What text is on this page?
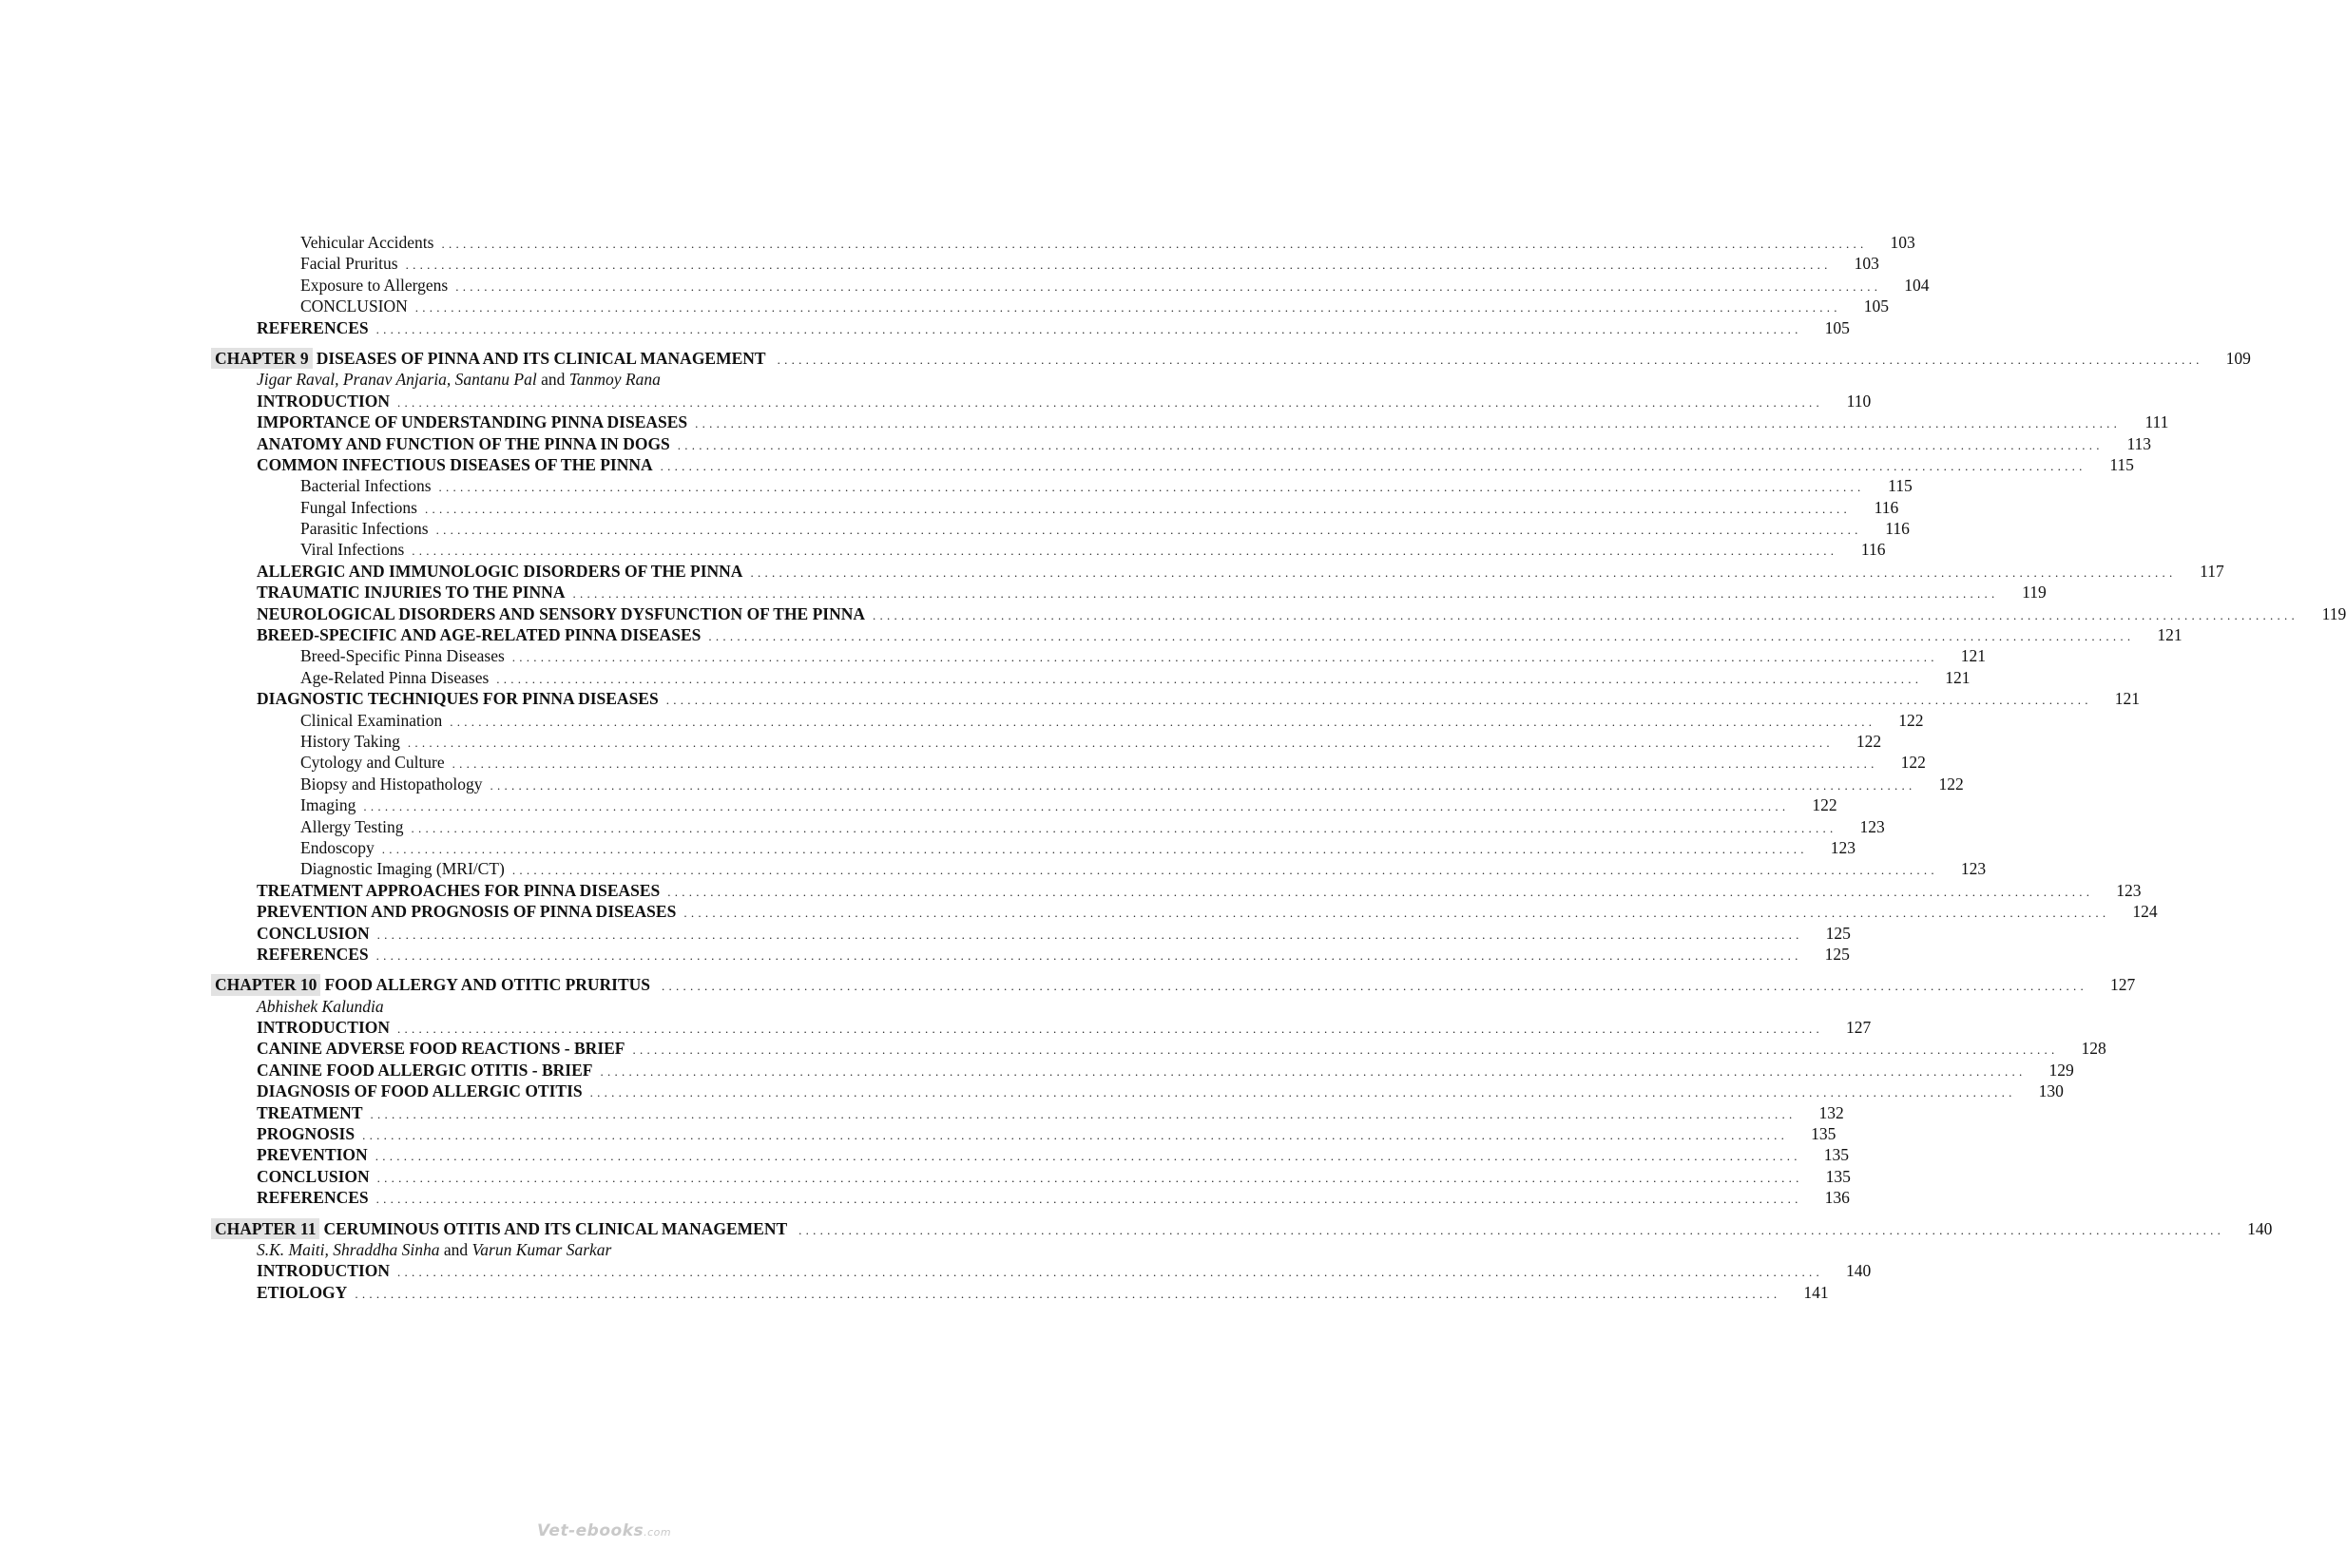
Vehicular Accidents . . . . . . . . . . . . . . . . . . . . . . . . . . . . . . . . . . . . . . . . . . . . . . . . . . . . . . . . . . . . . . . . . . . . . . . . . . . . . . . . . . . . . . . . . . . . . . . . . . . . . . . . . . . . . . . . . . . . . . . . . . . . . . . . . . . . . . . . . . . . . . . . . . . . . . . . . . . . . . . . . . . . . . . . . . . . . . . . . . . . . . . . . . . . . . . . . . . . . . . .	103
Facial Pruritus . . . . . . . . . . . . . . . . . . . . . . . . . . . . . . . . . . . . . . . . . . . . . . . . . . . . . . . . . . . . . . . . . . . . . . . . . . . . . . . . . . . . . . . . . . . . . . . . . . . . . . . . . . . . . . . . . . . . . . . . . . . . . . . . . . . . . . . . . . . . . . . . . . . . . . . . . . . . . . . . . . . . . . . . . . . . . . . . . . . . . . . . . . . . . . . . . . . . . . . .	103
Exposure to Allergens . . . . . . . . . . . . . . . . . . . . . . . . . . . . . . . . . . . . . . . . . . . . . . . . . . . . . . . . . . . . . . . . . . . . . . . . . . . . . . . . . . . . . . . . . . . . . . . . . . . . . . . . . . . . . . . . . . . . . . . . . . . . . . . . . . . . . . . . . . . . . . . . . . . . . . . . . . . . . . . . . . . . . . . . . . . . . . . . . . . . . . . . . . . . . . . . . . . . . . . .	104
CONCLUSION . . . . . . . . . . . . . . . . . . . . . . . . . . . . . . . . . . . . . . . . . . . . . . . . . . . . . . . . . . . . . . . . . . . . . . . . . . . . . . . . . . . . . . . . . . . . . . . . . . . . . . . . . . . . . . . . . . . . . . . . . . . . . . . . . . . . . . . . . . . . . . . . . . . . . . . . . . . . . . . . . . . . . . . . . . . . . . . . . . . . . . . . . . . . . . . . . . . . . . . .	105
REFERENCES . . . . . . . . . . . . . . . . . . . . . . . . . . . . . . . . . . . . . . . . . . . . . . . . . . . . . . . . . . . . . . . . . . . . . . . . . . . . . . . . . . . . . . . . . . . . . . . . . . . . . . . . . . . . . . . . . . . . . . . . . . . . . . . . . . . . . . . . . . . . . . . . . . . . . . . . . . . . . . . . . . . . . . . . . . . . . . . . . . . . . . . . . . . . . . . . . . . . . . . .	105
CHAPTER 9 DISEASES OF PINNA AND ITS CLINICAL MANAGEMENT . . . . . . . . . . . . . . . . . . . . . . . . . . . . . . . . . . . . . . . . . . . . . . . . . . . . . . . . . . . . . . . . . . . . . . . . . . . . . . . . . . . . . . . . . . . . . . . . . . . . . . . . . . . . . . . . . . . . . . . . . . . . . . . . . . . . . . . . . . . . . . . . . . . . . . . . . . . . . . . . . . . . . . . . . . . . . . . . . . . . . . . . . . . . . . . . . . . . . . . .	109
Jigar Raval, Pranav Anjaria, Santanu Pal and Tanmoy Rana
INTRODUCTION . . . . . . . . . . . . . . . . . . . . . . . . . . . . . . . . . . . . . . . . . . . . . . . . . . . . . . . . . . . . . . . . . . . . . . . . . . . . . . . . . . . . . . . . . . . . . . . . . . . . . . . . . . . . . . . . . . . . . . . . . . . . . . . . . . . . . . . . . . . . . . . . . . . . . . . . . . . . . . . . . . . . . . . . . . . . . . . . . . . . . . . . . . . . . . . . . . . . . . . .	110
IMPORTANCE OF UNDERSTANDING PINNA DISEASES . . . . . . . . . . . . . . . . . . . . . . . . . . . . . . . . . . . . . . . . . . . . . . . . . . . . . . . . . . . . . . . . . . . . . . . . . . . . . . . . . . . . . . . . . . . . . . . . . . . . . . . . . . . . . . . . . . . . . . . . . . . . . . . . . . . . . . . . . . . . . . . . . . . . . . . . . . . . . . . . . . . . . . . . . . . . . . . . . . . . . . . . . . . . . . . . . . . . . . . .	111
ANATOMY AND FUNCTION OF THE PINNA IN DOGS . . . . . . . . . . . . . . . . . . . . . . . . . . . . . . . . . . . . . . . . . . . . . . . . . . . . . . . . . . . . . . . . . . . . . . . . . . . . . . . . . . . . . . . . . . . . . . . . . . . . . . . . . . . . . . . . . . . . . . . . . . . . . . . . . . . . . . . . . . . . . . . . . . . . . . . . . . . . . . . . . . . . . . . . . . . . . . . . . . . . . . . . . . . . . . . . . . . . . . . .	113
COMMON INFECTIOUS DISEASES OF THE PINNA . . . . . . . . . . . . . . . . . . . . . . . . . . . . . . . . . . . . . . . . . . . . . . . . . . . . . . . . . . . . . . . . . . . . . . . . . . . . . . . . . . . . . . . . . . . . . . . . . . . . . . . . . . . . . . . . . . . . . . . . . . . . . . . . . . . . . . . . . . . . . . . . . . . . . . . . . . . . . . . . . . . . . . . . . . . . . . . . . . . . . . . . . . . . . . . . . . . . . . . .	115
Bacterial Infections . . . . . . . . . . . . . . . . . . . . . . . . . . . . . . . . . . . . . . . . . . . . . . . . . . . . . . . . . . . . . . . . . . . . . . . . . . . . . . . . . . . . . . . . . . . . . . . . . . . . . . . . . . . . . . . . . . . . . . . . . . . . . . . . . . . . . . . . . . . . . . . . . . . . . . . . . . . . . . . . . . . . . . . . . . . . . . . . . . . . . . . . . . . . . . . . . . . . . . . .	115
Fungal Infections . . . . . . . . . . . . . . . . . . . . . . . . . . . . . . . . . . . . . . . . . . . . . . . . . . . . . . . . . . . . . . . . . . . . . . . . . . . . . . . . . . . . . . . . . . . . . . . . . . . . . . . . . . . . . . . . . . . . . . . . . . . . . . . . . . . . . . . . . . . . . . . . . . . . . . . . . . . . . . . . . . . . . . . . . . . . . . . . . . . . . . . . . . . . . . . . . . . . . . . .	116
Parasitic Infections . . . . . . . . . . . . . . . . . . . . . . . . . . . . . . . . . . . . . . . . . . . . . . . . . . . . . . . . . . . . . . . . . . . . . . . . . . . . . . . . . . . . . . . . . . . . . . . . . . . . . . . . . . . . . . . . . . . . . . . . . . . . . . . . . . . . . . . . . . . . . . . . . . . . . . . . . . . . . . . . . . . . . . . . . . . . . . . . . . . . . . . . . . . . . . . . . . . . . . . .	116
Viral Infections . . . . . . . . . . . . . . . . . . . . . . . . . . . . . . . . . . . . . . . . . . . . . . . . . . . . . . . . . . . . . . . . . . . . . . . . . . . . . . . . . . . . . . . . . . . . . . . . . . . . . . . . . . . . . . . . . . . . . . . . . . . . . . . . . . . . . . . . . . . . . . . . . . . . . . . . . . . . . . . . . . . . . . . . . . . . . . . . . . . . . . . . . . . . . . . . . . . . . . . .	116
ALLERGIC AND IMMUNOLOGIC DISORDERS OF THE PINNA . . . . . . . . . . . . . . . . . . . . . . . . . . . . . . . . . . . . . . . . . . . . . . . . . . . . . . . . . . . . . . . . . . . . . . . . . . . . . . . . . . . . . . . . . . . . . . . . . . . . . . . . . . . . . . . . . . . . . . . . . . . . . . . . . . . . . . . . . . . . . . . . . . . . . . . . . . . . . . . . . . . . . . . . . . . . . . . . . . . . . . . . . . . . . . . . . . . . . . . .	117
TRAUMATIC INJURIES TO THE PINNA . . . . . . . . . . . . . . . . . . . . . . . . . . . . . . . . . . . . . . . . . . . . . . . . . . . . . . . . . . . . . . . . . . . . . . . . . . . . . . . . . . . . . . . . . . . . . . . . . . . . . . . . . . . . . . . . . . . . . . . . . . . . . . . . . . . . . . . . . . . . . . . . . . . . . . . . . . . . . . . . . . . . . . . . . . . . . . . . . . . . . . . . . . . . . . . . . . . . . . . .	119
NEUROLOGICAL DISORDERS AND SENSORY DYSFUNCTION OF THE PINNA . . . . . . . . . . . . . . . . . . . . . . . . . . . . . . . . . . . . . . . . . . . . . . . . . . . . . . . . . . . . . . . . . . . . . . . . . . . . . . . . . . . . . . . . . . . . . . . . . . . . . . . . . . . . . . . . . . . . . . . . . . . . . . . . . . . . . . . . . . . . . . . . . . . . . . . . . . . . . . . . . . . . . . . . . . . . . . . . . . . . . . . . . . . . . . . . . . . . . . . .	119
BREED-SPECIFIC AND AGE-RELATED PINNA DISEASES . . . . . . . . . . . . . . . . . . . . . . . . . . . . . . . . . . . . . . . . . . . . . . . . . . . . . . . . . . . . . . . . . . . . . . . . . . . . . . . . . . . . . . . . . . . . . . . . . . . . . . . . . . . . . . . . . . . . . . . . . . . . . . . . . . . . . . . . . . . . . . . . . . . . . . . . . . . . . . . . . . . . . . . . . . . . . . . . . . . . . . . . . . . . . . . . . . . . . . . .	121
Breed-Specific Pinna Diseases . . . . . . . . . . . . . . . . . . . . . . . . . . . . . . . . . . . . . . . . . . . . . . . . . . . . . . . . . . . . . . . . . . . . . . . . . . . . . . . . . . . . . . . . . . . . . . . . . . . . . . . . . . . . . . . . . . . . . . . . . . . . . . . . . . . . . . . . . . . . . . . . . . . . . . . . . . . . . . . . . . . . . . . . . . . . . . . . . . . . . . . . . . . . . . . . . . . . . . . .	121
Age-Related Pinna Diseases . . . . . . . . . . . . . . . . . . . . . . . . . . . . . . . . . . . . . . . . . . . . . . . . . . . . . . . . . . . . . . . . . . . . . . . . . . . . . . . . . . . . . . . . . . . . . . . . . . . . . . . . . . . . . . . . . . . . . . . . . . . . . . . . . . . . . . . . . . . . . . . . . . . . . . . . . . . . . . . . . . . . . . . . . . . . . . . . . . . . . . . . . . . . . . . . . . . . . . . .	121
DIAGNOSTIC TECHNIQUES FOR PINNA DISEASES . . . . . . . . . . . . . . . . . . . . . . . . . . . . . . . . . . . . . . . . . . . . . . . . . . . . . . . . . . . . . . . . . . . . . . . . . . . . . . . . . . . . . . . . . . . . . . . . . . . . . . . . . . . . . . . . . . . . . . . . . . . . . . . . . . . . . . . . . . . . . . . . . . . . . . . . . . . . . . . . . . . . . . . . . . . . . . . . . . . . . . . . . . . . . . . . . . . . . . . .	121
Clinical Examination . . . . . . . . . . . . . . . . . . . . . . . . . . . . . . . . . . . . . . . . . . . . . . . . . . . . . . . . . . . . . . . . . . . . . . . . . . . . . . . . . . . . . . . . . . . . . . . . . . . . . . . . . . . . . . . . . . . . . . . . . . . . . . . . . . . . . . . . . . . . . . . . . . . . . . . . . . . . . . . . . . . . . . . . . . . . . . . . . . . . . . . . . . . . . . . . . . . . . . . .	122
History Taking . . . . . . . . . . . . . . . . . . . . . . . . . . . . . . . . . . . . . . . . . . . . . . . . . . . . . . . . . . . . . . . . . . . . . . . . . . . . . . . . . . . . . . . . . . . . . . . . . . . . . . . . . . . . . . . . . . . . . . . . . . . . . . . . . . . . . . . . . . . . . . . . . . . . . . . . . . . . . . . . . . . . . . . . . . . . . . . . . . . . . . . . . . . . . . . . . . . . . . . .	122
Cytology and Culture . . . . . . . . . . . . . . . . . . . . . . . . . . . . . . . . . . . . . . . . . . . . . . . . . . . . . . . . . . . . . . . . . . . . . . . . . . . . . . . . . . . . . . . . . . . . . . . . . . . . . . . . . . . . . . . . . . . . . . . . . . . . . . . . . . . . . . . . . . . . . . . . . . . . . . . . . . . . . . . . . . . . . . . . . . . . . . . . . . . . . . . . . . . . . . . . . . . . . . . .	122
Biopsy and Histopathology . . . . . . . . . . . . . . . . . . . . . . . . . . . . . . . . . . . . . . . . . . . . . . . . . . . . . . . . . . . . . . . . . . . . . . . . . . . . . . . . . . . . . . . . . . . . . . . . . . . . . . . . . . . . . . . . . . . . . . . . . . . . . . . . . . . . . . . . . . . . . . . . . . . . . . . . . . . . . . . . . . . . . . . . . . . . . . . . . . . . . . . . . . . . . . . . . . . . . . . .	122
Imaging . . . . . . . . . . . . . . . . . . . . . . . . . . . . . . . . . . . . . . . . . . . . . . . . . . . . . . . . . . . . . . . . . . . . . . . . . . . . . . . . . . . . . . . . . . . . . . . . . . . . . . . . . . . . . . . . . . . . . . . . . . . . . . . . . . . . . . . . . . . . . . . . . . . . . . . . . . . . . . . . . . . . . . . . . . . . . . . . . . . . . . . . . . . . . . . . . . . . . . . .	122
Allergy Testing . . . . . . . . . . . . . . . . . . . . . . . . . . . . . . . . . . . . . . . . . . . . . . . . . . . . . . . . . . . . . . . . . . . . . . . . . . . . . . . . . . . . . . . . . . . . . . . . . . . . . . . . . . . . . . . . . . . . . . . . . . . . . . . . . . . . . . . . . . . . . . . . . . . . . . . . . . . . . . . . . . . . . . . . . . . . . . . . . . . . . . . . . . . . . . . . . . . . . . . .	123
Endoscopy . . . . . . . . . . . . . . . . . . . . . . . . . . . . . . . . . . . . . . . . . . . . . . . . . . . . . . . . . . . . . . . . . . . . . . . . . . . . . . . . . . . . . . . . . . . . . . . . . . . . . . . . . . . . . . . . . . . . . . . . . . . . . . . . . . . . . . . . . . . . . . . . . . . . . . . . . . . . . . . . . . . . . . . . . . . . . . . . . . . . . . . . . . . . . . . . . . . . . . . .	123
Diagnostic Imaging (MRI/CT) . . . . . . . . . . . . . . . . . . . . . . . . . . . . . . . . . . . . . . . . . . . . . . . . . . . . . . . . . . . . . . . . . . . . . . . . . . . . . . . . . . . . . . . . . . . . . . . . . . . . . . . . . . . . . . . . . . . . . . . . . . . . . . . . . . . . . . . . . . . . . . . . . . . . . . . . . . . . . . . . . . . . . . . . . . . . . . . . . . . . . . . . . . . . . . . . . . . . . . . .	123
TREATMENT APPROACHES FOR PINNA DISEASES . . . . . . . . . . . . . . . . . . . . . . . . . . . . . . . . . . . . . . . . . . . . . . . . . . . . . . . . . . . . . . . . . . . . . . . . . . . . . . . . . . . . . . . . . . . . . . . . . . . . . . . . . . . . . . . . . . . . . . . . . . . . . . . . . . . . . . . . . . . . . . . . . . . . . . . . . . . . . . . . . . . . . . . . . . . . . . . . . . . . . . . . . . . . . . . . . . . . . . . .	123
PREVENTION AND PROGNOSIS OF PINNA DISEASES . . . . . . . . . . . . . . . . . . . . . . . . . . . . . . . . . . . . . . . . . . . . . . . . . . . . . . . . . . . . . . . . . . . . . . . . . . . . . . . . . . . . . . . . . . . . . . . . . . . . . . . . . . . . . . . . . . . . . . . . . . . . . . . . . . . . . . . . . . . . . . . . . . . . . . . . . . . . . . . . . . . . . . . . . . . . . . . . . . . . . . . . . . . . . . . . . . . . . . . .	124
CONCLUSION . . . . . . . . . . . . . . . . . . . . . . . . . . . . . . . . . . . . . . . . . . . . . . . . . . . . . . . . . . . . . . . . . . . . . . . . . . . . . . . . . . . . . . . . . . . . . . . . . . . . . . . . . . . . . . . . . . . . . . . . . . . . . . . . . . . . . . . . . . . . . . . . . . . . . . . . . . . . . . . . . . . . . . . . . . . . . . . . . . . . . . . . . . . . . . . . . . . . . . . .	125
REFERENCES . . . . . . . . . . . . . . . . . . . . . . . . . . . . . . . . . . . . . . . . . . . . . . . . . . . . . . . . . . . . . . . . . . . . . . . . . . . . . . . . . . . . . . . . . . . . . . . . . . . . . . . . . . . . . . . . . . . . . . . . . . . . . . . . . . . . . . . . . . . . . . . . . . . . . . . . . . . . . . . . . . . . . . . . . . . . . . . . . . . . . . . . . . . . . . . . . . . . . . . .	125
CHAPTER 10 FOOD ALLERGY AND OTITIC PRURITUS . . . . . . . . . . . . . . . . . . . . . . . . . . . . . . . . . . . . . . . . . . . . . . . . . . . . . . . . . . . . . . . . . . . . . . . . . . . . . . . . . . . . . . . . . . . . . . . . . . . . . . . . . . . . . . . . . . . . . . . . . . . . . . . . . . . . . . . . . . . . . . . . . . . . . . . . . . . . . . . . . . . . . . . . . . . . . . . . . . . . . . . . . . . . . . . . . . . . . . . .	127
Abhishek Kalundia
INTRODUCTION . . . . . . . . . . . . . . . . . . . . . . . . . . . . . . . . . . . . . . . . . . . . . . . . . . . . . . . . . . . . . . . . . . . . . . . . . . . . . . . . . . . . . . . . . . . . . . . . . . . . . . . . . . . . . . . . . . . . . . . . . . . . . . . . . . . . . . . . . . . . . . . . . . . . . . . . . . . . . . . . . . . . . . . . . . . . . . . . . . . . . . . . . . . . . . . . . . . . . . . .	127
CANINE ADVERSE FOOD REACTIONS - BRIEF . . . . . . . . . . . . . . . . . . . . . . . . . . . . . . . . . . . . . . . . . . . . . . . . . . . . . . . . . . . . . . . . . . . . . . . . . . . . . . . . . . . . . . . . . . . . . . . . . . . . . . . . . . . . . . . . . . . . . . . . . . . . . . . . . . . . . . . . . . . . . . . . . . . . . . . . . . . . . . . . . . . . . . . . . . . . . . . . . . . . . . . . . . . . . . . . . . . . . . . .	128
CANINE FOOD ALLERGIC OTITIS - BRIEF . . . . . . . . . . . . . . . . . . . . . . . . . . . . . . . . . . . . . . . . . . . . . . . . . . . . . . . . . . . . . . . . . . . . . . . . . . . . . . . . . . . . . . . . . . . . . . . . . . . . . . . . . . . . . . . . . . . . . . . . . . . . . . . . . . . . . . . . . . . . . . . . . . . . . . . . . . . . . . . . . . . . . . . . . . . . . . . . . . . . . . . . . . . . . . . . . . . . . . . .	129
DIAGNOSIS OF FOOD ALLERGIC OTITIS . . . . . . . . . . . . . . . . . . . . . . . . . . . . . . . . . . . . . . . . . . . . . . . . . . . . . . . . . . . . . . . . . . . . . . . . . . . . . . . . . . . . . . . . . . . . . . . . . . . . . . . . . . . . . . . . . . . . . . . . . . . . . . . . . . . . . . . . . . . . . . . . . . . . . . . . . . . . . . . . . . . . . . . . . . . . . . . . . . . . . . . . . . . . . . . . . . . . . . . .	130
TREATMENT . . . . . . . . . . . . . . . . . . . . . . . . . . . . . . . . . . . . . . . . . . . . . . . . . . . . . . . . . . . . . . . . . . . . . . . . . . . . . . . . . . . . . . . . . . . . . . . . . . . . . . . . . . . . . . . . . . . . . . . . . . . . . . . . . . . . . . . . . . . . . . . . . . . . . . . . . . . . . . . . . . . . . . . . . . . . . . . . . . . . . . . . . . . . . . . . . . . . . . . .	132
PROGNOSIS . . . . . . . . . . . . . . . . . . . . . . . . . . . . . . . . . . . . . . . . . . . . . . . . . . . . . . . . . . . . . . . . . . . . . . . . . . . . . . . . . . . . . . . . . . . . . . . . . . . . . . . . . . . . . . . . . . . . . . . . . . . . . . . . . . . . . . . . . . . . . . . . . . . . . . . . . . . . . . . . . . . . . . . . . . . . . . . . . . . . . . . . . . . . . . . . . . . . . . . .	135
PREVENTION . . . . . . . . . . . . . . . . . . . . . . . . . . . . . . . . . . . . . . . . . . . . . . . . . . . . . . . . . . . . . . . . . . . . . . . . . . . . . . . . . . . . . . . . . . . . . . . . . . . . . . . . . . . . . . . . . . . . . . . . . . . . . . . . . . . . . . . . . . . . . . . . . . . . . . . . . . . . . . . . . . . . . . . . . . . . . . . . . . . . . . . . . . . . . . . . . . . . . . . .	135
CONCLUSION . . . . . . . . . . . . . . . . . . . . . . . . . . . . . . . . . . . . . . . . . . . . . . . . . . . . . . . . . . . . . . . . . . . . . . . . . . . . . . . . . . . . . . . . . . . . . . . . . . . . . . . . . . . . . . . . . . . . . . . . . . . . . . . . . . . . . . . . . . . . . . . . . . . . . . . . . . . . . . . . . . . . . . . . . . . . . . . . . . . . . . . . . . . . . . . . . . . . . . . .	135
REFERENCES . . . . . . . . . . . . . . . . . . . . . . . . . . . . . . . . . . . . . . . . . . . . . . . . . . . . . . . . . . . . . . . . . . . . . . . . . . . . . . . . . . . . . . . . . . . . . . . . . . . . . . . . . . . . . . . . . . . . . . . . . . . . . . . . . . . . . . . . . . . . . . . . . . . . . . . . . . . . . . . . . . . . . . . . . . . . . . . . . . . . . . . . . . . . . . . . . . . . . . . .	136
CHAPTER 11 CERUMINOUS OTITIS AND ITS CLINICAL MANAGEMENT . . . . . . . . . . . . . . . . . . . . . . . . . . . . . . . . . . . . . . . . . . . . . . . . . . . . . . . . . . . . . . . . . . . . . . . . . . . . . . . . . . . . . . . . . . . . . . . . . . . . . . . . . . . . . . . . . . . . . . . . . . . . . . . . . . . . . . . . . . . . . . . . . . . . . . . . . . . . . . . . . . . . . . . . . . . . . . . . . . . . . . . . . . . . . . . . . . . . . . . .	140
S.K. Maiti, Shraddha Sinha and Varun Kumar Sarkar
INTRODUCTION . . . . . . . . . . . . . . . . . . . . . . . . . . . . . . . . . . . . . . . . . . . . . . . . . . . . . . . . . . . . . . . . . . . . . . . . . . . . . . . . . . . . . . . . . . . . . . . . . . . . . . . . . . . . . . . . . . . . . . . . . . . . . . . . . . . . . . . . . . . . . . . . . . . . . . . . . . . . . . . . . . . . . . . . . . . . . . . . . . . . . . . . . . . . . . . . . . . . . . . .	140
ETIOLOGY . . . . . . . . . . . . . . . . . . . . . . . . . . . . . . . . . . . . . . . . . . . . . . . . . . . . . . . . . . . . . . . . . . . . . . . . . . . . . . . . . . . . . . . . . . . . . . . . . . . . . . . . . . . . . . . . . . . . . . . . . . . . . . . . . . . . . . . . . . . . . . . . . . . . . . . . . . . . . . . . . . . . . . . . . . . . . . . . . . . . . . . . . . . . . . . . . . . . . . . .	141
Vet-ebooks.com
